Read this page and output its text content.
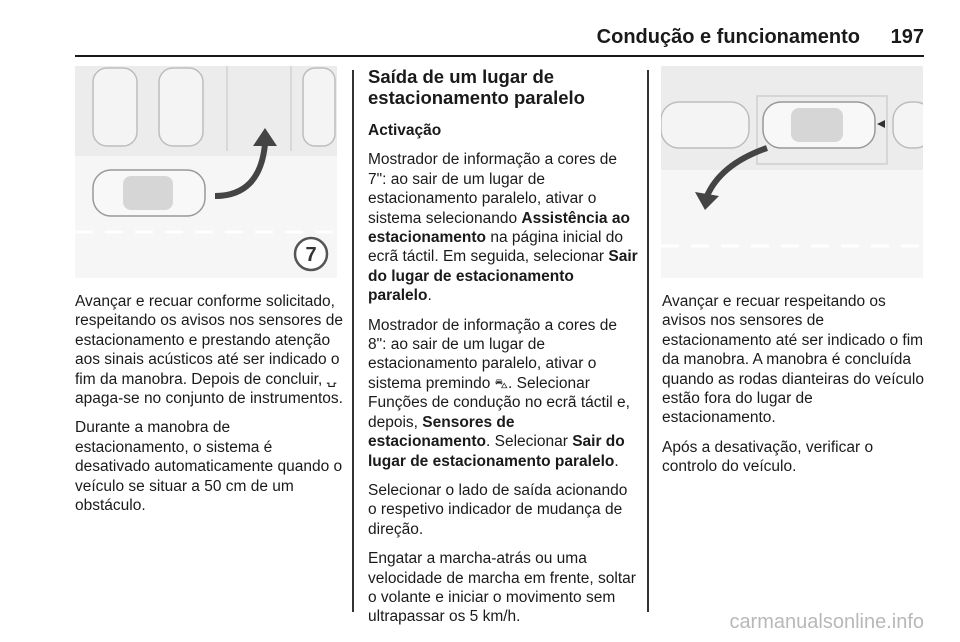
Condução e funcionamento 197
7

Avançar e recuar conforme solicitado, respeitando os avisos nos sensores de estacionamento e prestando atenção aos sinais acústicos até ser indicado o fim da manobra. Depois de concluir, ⍽ apaga-se no conjunto de instrumentos.

Durante a manobra de estacionamento, o sistema é desativado automaticamente quando o veículo se situar a 50 cm de um obstáculo.

Saída de um lugar de estacionamento paralelo

Activação

Mostrador de informação a cores de 7": ao sair de um lugar de estacionamento paralelo, ativar o sistema selecionando Assistência ao estacionamento na página inicial do ecrã táctil. Em seguida, selecionar Sair do lugar de estacionamento paralelo.

Mostrador de informação a cores de 8": ao sair de um lugar de estacionamento paralelo, ativar o sistema premindo ⛍. Selecionar Funções de condução no ecrã táctil e, depois, Sensores de estacionamento. Selecionar Sair do lugar de estacionamento paralelo.

Selecionar o lado de saída acionando o respetivo indicador de mudança de direção.

Engatar a marcha-atrás ou uma velocidade de marcha em frente, soltar o volante e iniciar o movimento sem ultrapassar os 5 km/h.

Avançar e recuar respeitando os avisos nos sensores de estacionamento até ser indicado o fim da manobra. A manobra é concluída quando as rodas dianteiras do veículo estão fora do lugar de estacionamento.

Após a desativação, verificar o controlo do veículo.

carmanualsonline.info
